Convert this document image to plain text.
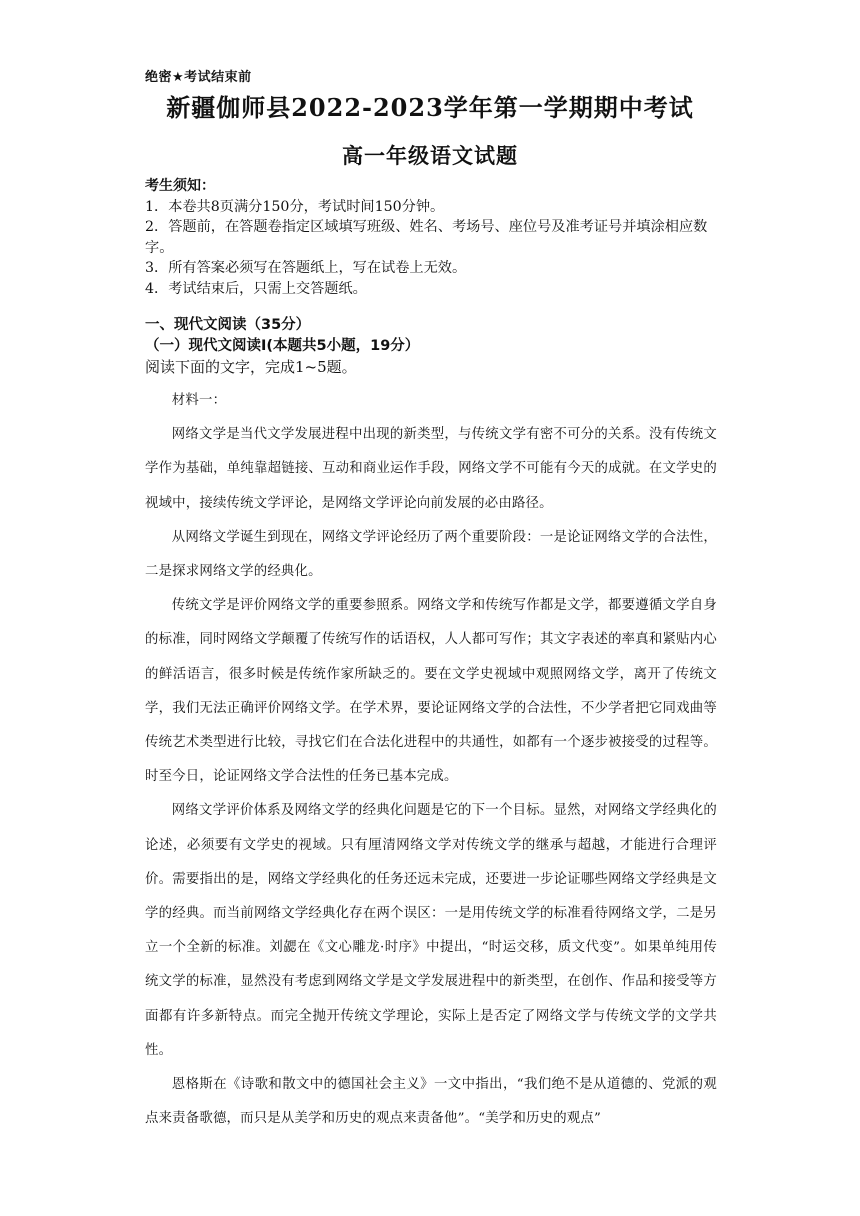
绝密★考试结束前
新疆伽师县2022-2023学年第一学期期中考试
高一年级语文试题
考生须知：
1．本卷共8页满分150分，考试时间150分钟。
2．答题前，在答题卷指定区域填写班级、姓名、考场号、座位号及准考证号并填涂相应数字。
3．所有答案必须写在答题纸上，写在试卷上无效。
4．考试结束后，只需上交答题纸。
一、现代文阅读（35分）
（一）现代文阅读Ⅰ(本题共5小题，19分）
阅读下面的文字，完成1~5题。

材料一：

网络文学是当代文学发展进程中出现的新类型，与传统文学有密不可分的关系。没有传统文学作为基础，单纯靠超链接、互动和商业运作手段，网络文学不可能有今天的成就。在文学史的视域中，接续传统文学评论，是网络文学评论向前发展的必由路径。

从网络文学诞生到现在，网络文学评论经历了两个重要阶段：一是论证网络文学的合法性，二是探求网络文学的经典化。

传统文学是评价网络文学的重要参照系。网络文学和传统写作都是文学，都要遵循文学自身的标准，同时网络文学颠覆了传统写作的话语权，人人都可写作；其文字表述的率真和紧贴内心的鲜活语言，很多时候是传统作家所缺乏的。要在文学史视域中观照网络文学，离开了传统文学，我们无法正确评价网络文学。在学术界，要论证网络文学的合法性，不少学者把它同戏曲等传统艺术类型进行比较，寻找它们在合法化进程中的共通性，如都有一个逐步被接受的过程等。时至今日，论证网络文学合法性的任务已基本完成。

网络文学评价体系及网络文学的经典化问题是它的下一个目标。显然，对网络文学经典化的论述，必须要有文学史的视域。只有厘清网络文学对传统文学的继承与超越，才能进行合理评价。需要指出的是，网络文学经典化的任务还远未完成，还要进一步论证哪些网络文学经典是文学的经典。而当前网络文学经典化存在两个误区：一是用传统文学的标准看待网络文学，二是另立一个全新的标准。刘勰在《文心雕龙·时序》中提出，“时运交移，质文代变”。如果单纯用传统文学的标准，显然没有考虑到网络文学是文学发展进程中的新类型，在创作、作品和接受等方面都有许多新特点。而完全抛开传统文学理论，实际上是否定了网络文学与传统文学的文学共性。

恩格斯在《诗歌和散文中的德国社会主义》一文中指出，“我们绝不是从道德的、党派的观点来责备歌德，而只是从美学和历史的观点来责备他”。“美学和历史的观点”
